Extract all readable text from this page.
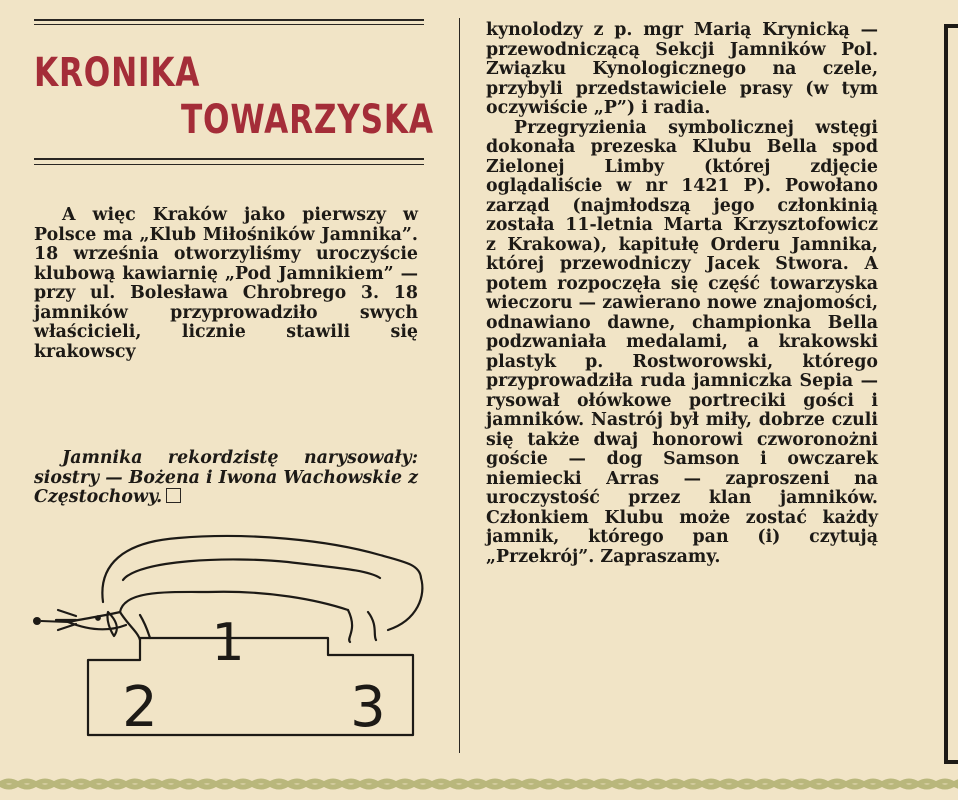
KRONIKA
TOWARZYSKA
A więc Kraków jako pierwszy w Polsce ma „Klub Miłośników Jamnika”. 18 września otworzyliśmy uroczyście klubową kawiarnię „Pod Jamnikiem” — przy ul. Bolesława Chrobrego 3. 18 jamników przyprowadziło swych właścicieli, licznie stawili się krakowscy
Jamnika rekordzistę narysowały: siostry — Bożena i Iwona Wachowskie z Częstochowy.
1
2	3

kynolodzy z p. mgr Marią Krynicką — przewodniczącą Sekcji Jamników Pol. Związku Kynologicznego na czele, przybyli przedstawiciele prasy (w tym oczywiście „P”) i radia.

Przegryzienia symbolicznej wstęgi dokonała prezeska Klubu Bella spod Zielonej Limby (której zdjęcie oglądaliście w nr 1421 P). Powołano zarząd (najmłodszą jego członkinią została 11-letnia Marta Krzysztofowicz z Krakowa), kapitułę Orderu Jamnika, której przewodniczy Jacek Stwora. A potem rozpoczęła się część towarzyska wieczoru — zawierano nowe znajomości, odnawiano dawne, championka Bella podzwaniała medalami, a krakowski plastyk p. Rostworowski, którego przyprowadziła ruda jamniczka Sepia — rysował ołówkowe portreciki gości i jamników. Nastrój był miły, dobrze czuli się także dwaj honorowi czworonożni goście — dog Samson i owczarek niemiecki Arras — zaproszeni na uroczystość przez klan jamników. Członkiem Klubu może zostać każdy jamnik, którego pan (i) czytują „Przekrój”. Zapraszamy.
